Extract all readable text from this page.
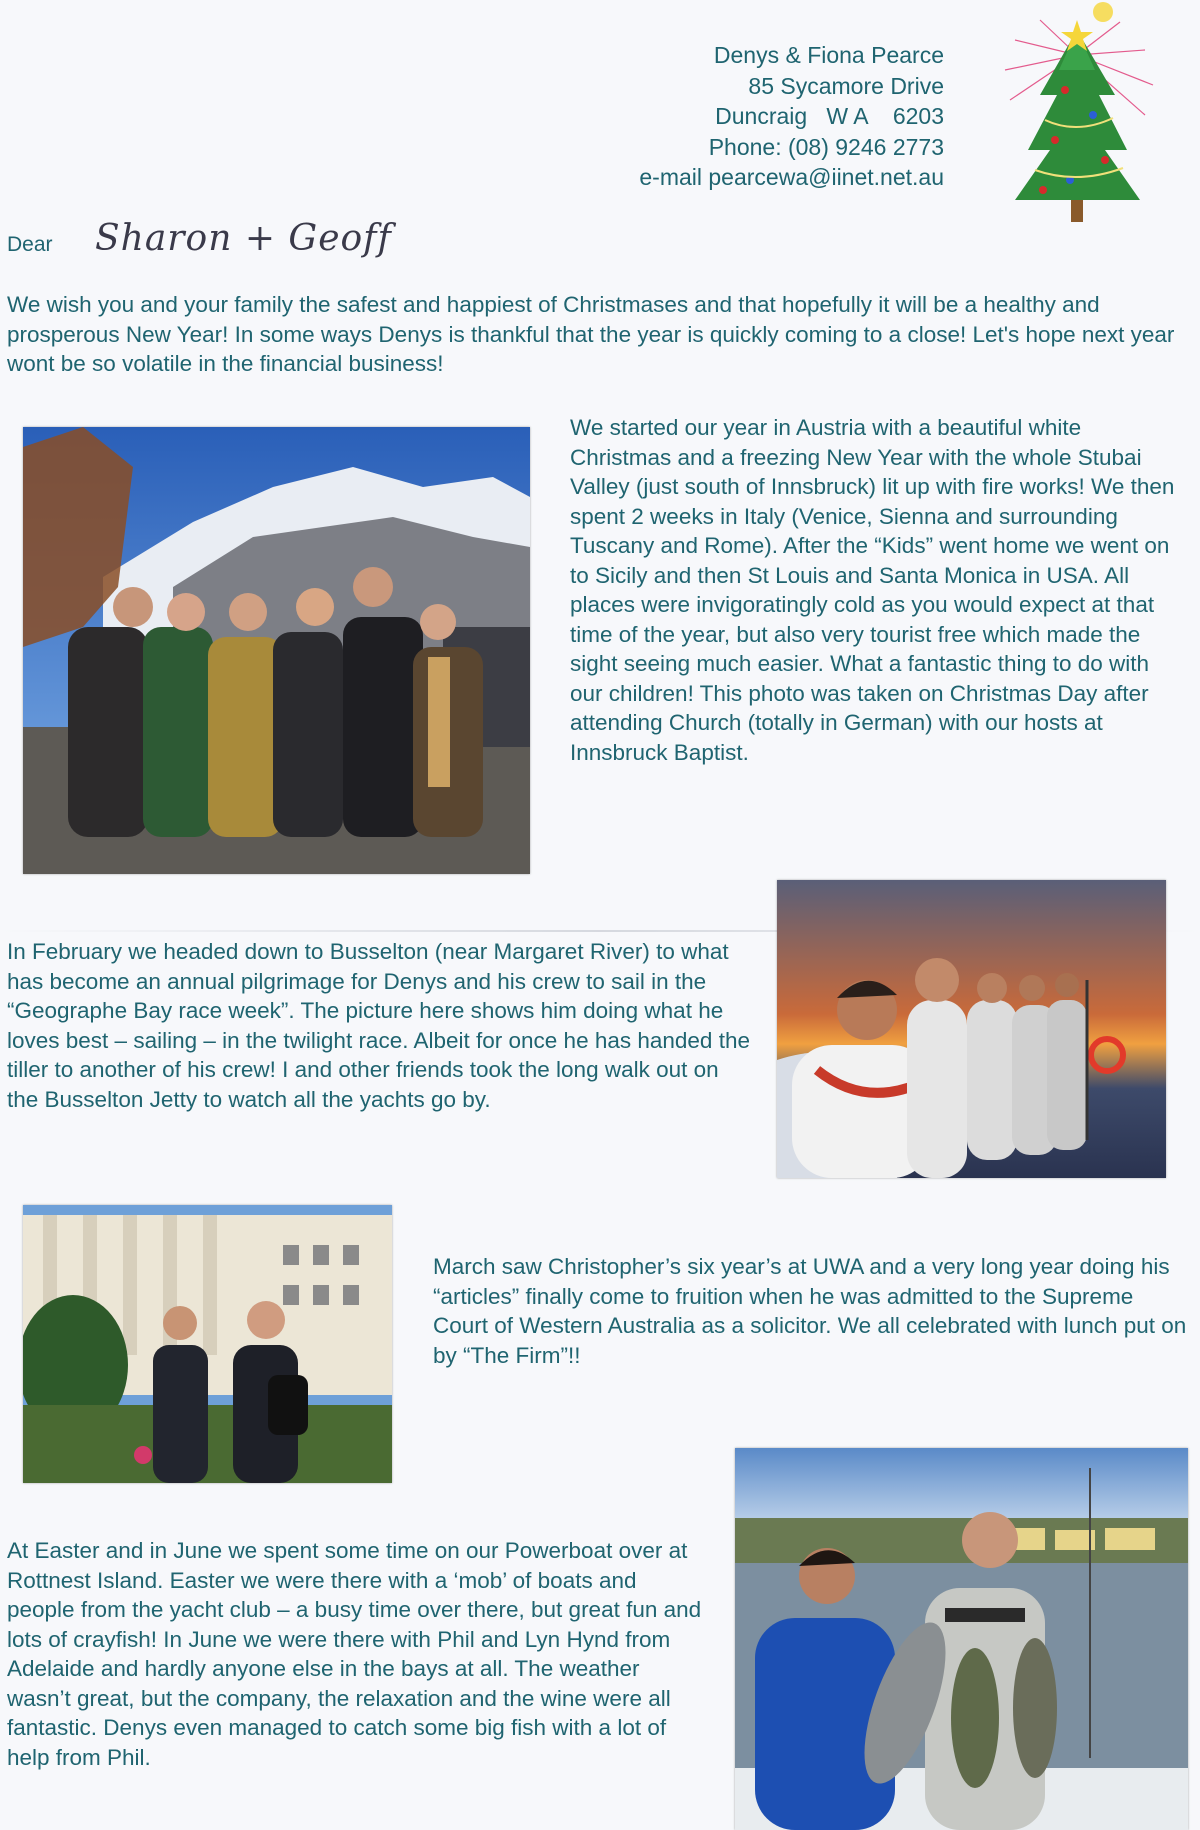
Denys & Fiona Pearce
85 Sycamore Drive
Duncraig   W A    6203
Phone: (08) 9246 2773
e-mail pearcewa@iinet.net.au
Dear Sharon + Geoff
We wish you and your family the safest and happiest of Christmases and that hopefully it will be a healthy and prosperous New Year! In some ways Denys is thankful that the year is quickly coming to a close! Let's hope next year wont be so volatile in the financial business!
We started our year in Austria with a beautiful white Christmas and a freezing New Year with the whole Stubai Valley (just south of Innsbruck) lit up with fire works! We then spent 2 weeks in Italy (Venice, Sienna and surrounding Tuscany and Rome). After the “Kids” went home we went on to Sicily and then St Louis and Santa Monica in USA. All places were invigoratingly cold as you would expect at that time of the year, but also very tourist free which made the sight seeing much easier. What a fantastic thing to do with our children! This photo was taken on Christmas Day after attending Church (totally in German) with our hosts at Innsbruck Baptist.
In February we headed down to Busselton (near Margaret River) to what has become an annual pilgrimage for Denys and his crew to sail in the “Geographe Bay race week”. The picture here shows him doing what he loves best – sailing – in the twilight race. Albeit for once he has handed the tiller to another of his crew! I and other friends took the long walk out on the Busselton Jetty to watch all the yachts go by.
March saw Christopher’s six year’s at UWA and a very long year doing his “articles” finally come to fruition when he was admitted to the Supreme Court of Western Australia as a solicitor. We all celebrated with lunch put on by “The Firm”!!
At Easter and in June we spent some time on our Powerboat over at Rottnest Island. Easter we were there with a ‘mob’ of boats and people from the yacht club – a busy time over there, but great fun and lots of crayfish! In June we were there with Phil and Lyn Hynd from Adelaide and hardly anyone else in the bays at all. The weather wasn’t great, but the company, the relaxation and the wine were all fantastic. Denys even managed to catch some big fish with a lot of help from Phil.
